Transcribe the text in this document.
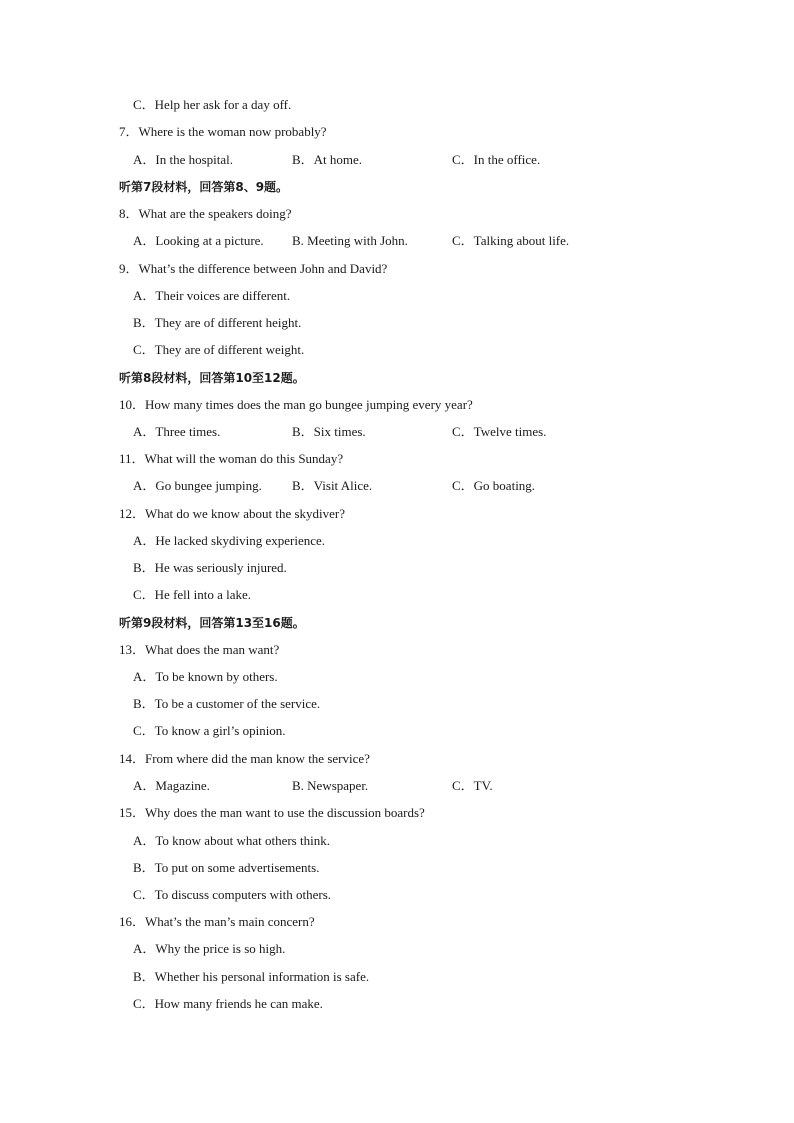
C．Help her ask for a day off.
7．Where is the woman now probably?
A．In the hospital.	B．At home.	C．In the office.
听第7段材料，回答第8、9题。
8．What are the speakers doing?
A．Looking at a picture. B. Meeting with John.	C．Talking about life.
9．What’s the difference between John and David?
A．Their voices are different.
B．They are of different height.
C．They are of different weight.
听第8段材料，回答第10至12题。
10．How many times does the man go bungee jumping every year?
A．Three times.	B．Six times.	C．Twelve times.
11．What will the woman do this Sunday?
A．Go bungee jumping. B．Visit Alice.	C．Go boating.
12．What do we know about the skydiver?
A．He lacked skydiving experience.
B．He was seriously injured.
C．He fell into a lake.
听第9段材料，回答第13至16题。
13．What does the man want?
A．To be known by others.
B．To be a customer of the service.
C．To know a girl’s opinion.
14．From where did the man know the service?
A．Magazine.	B. Newspaper.	C．TV.
15．Why does the man want to use the discussion boards?
A．To know about what others think.
B．To put on some advertisements.
C．To discuss computers with others.
16．What’s the man’s main concern?
A．Why the price is so high.
B．Whether his personal information is safe.
C．How many friends he can make.
